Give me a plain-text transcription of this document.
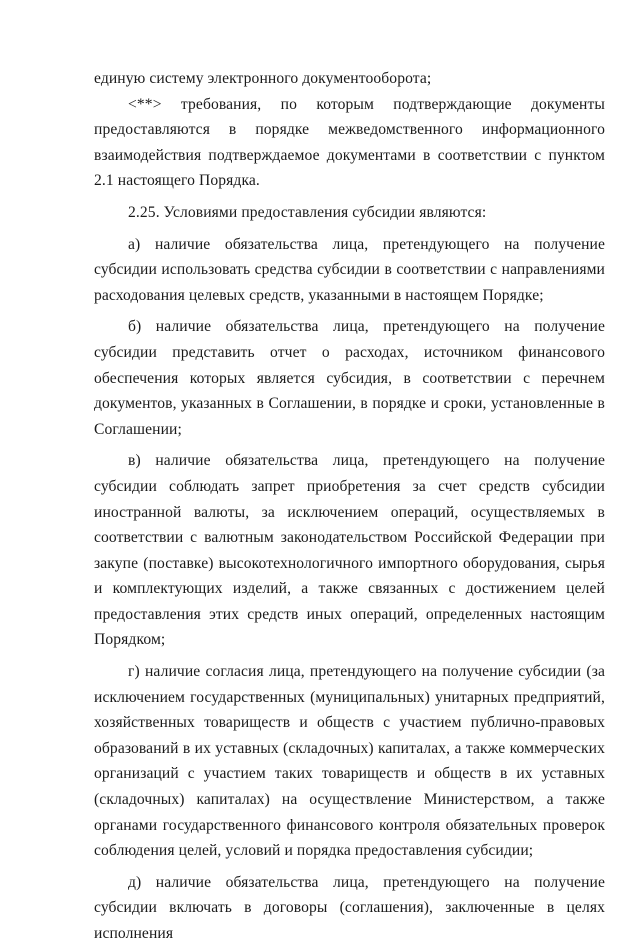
единую систему электронного документооборота;

<**> требования, по которым подтверждающие документы предоставляются в порядке межведомственного информационного взаимодействия подтверждаемое документами в соответствии с пунктом 2.1 настоящего Порядка.

2.25. Условиями предоставления субсидии являются:

а) наличие обязательства лица, претендующего на получение субсидии использовать средства субсидии в соответствии с направлениями расходования целевых средств, указанными в настоящем Порядке;

б) наличие обязательства лица, претендующего на получение субсидии представить отчет о расходах, источником финансового обеспечения которых является субсидия, в соответствии с перечнем документов, указанных в Соглашении, в порядке и сроки, установленные в Соглашении;

в) наличие обязательства лица, претендующего на получение субсидии соблюдать запрет приобретения за счет средств субсидии иностранной валюты, за исключением операций, осуществляемых в соответствии с валютным законодательством Российской Федерации при закупе (поставке) высокотехнологичного импортного оборудования, сырья и комплектующих изделий, а также связанных с достижением целей предоставления этих средств иных операций, определенных настоящим Порядком;

г) наличие согласия лица, претендующего на получение субсидии (за исключением государственных (муниципальных) унитарных предприятий, хозяйственных товариществ и обществ с участием публично-правовых образований в их уставных (складочных) капиталах, а также коммерческих организаций с участием таких товариществ и обществ в их уставных (складочных) капиталах) на осуществление Министерством, а также органами государственного финансового контроля обязательных проверок соблюдения целей, условий и порядка предоставления субсидии;

д) наличие обязательства лица, претендующего на получение субсидии включать в договоры (соглашения), заключенные в целях исполнения
